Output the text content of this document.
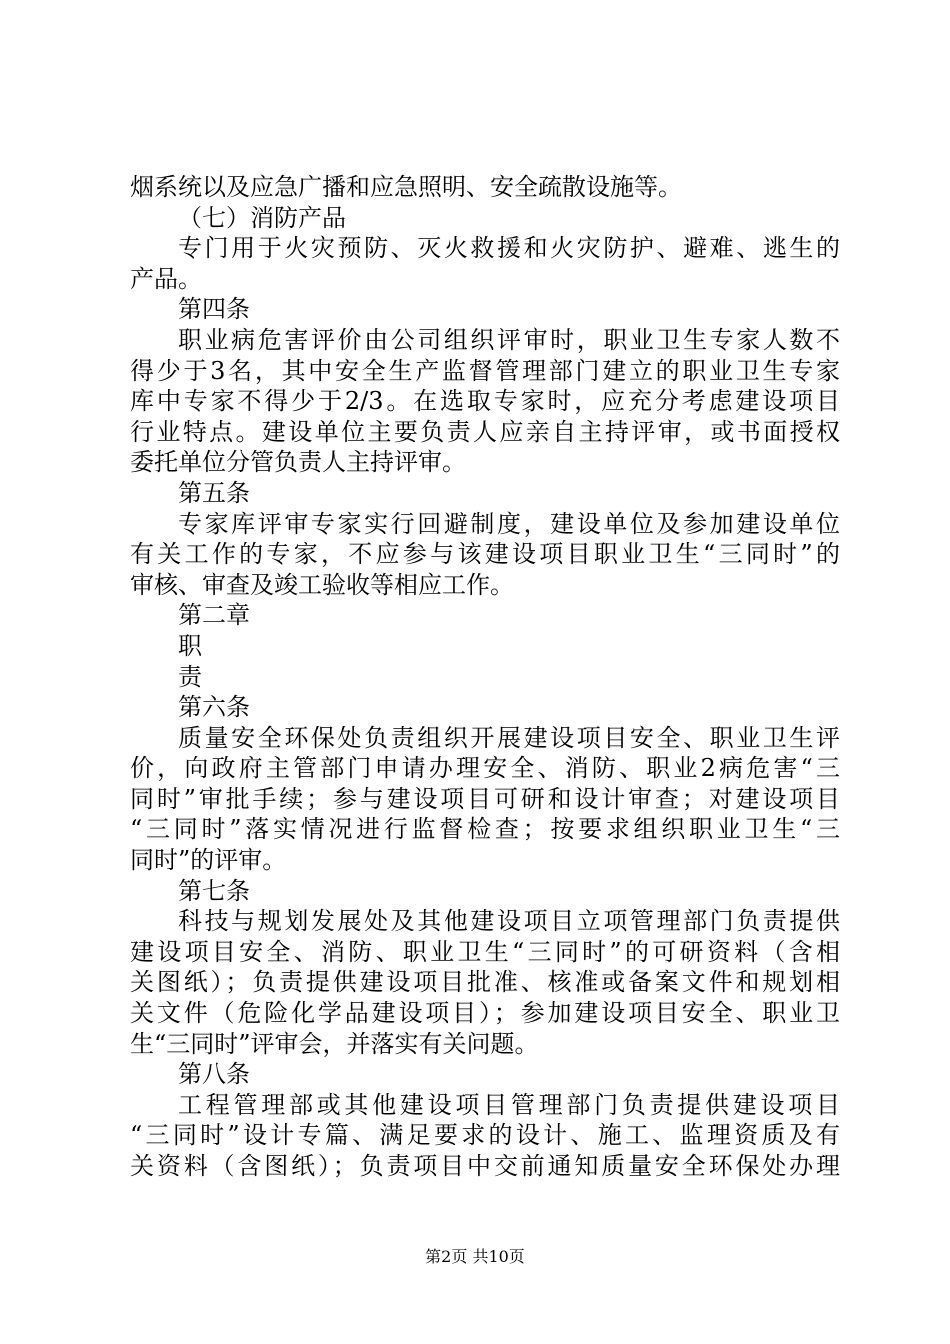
烟系统以及应急广播和应急照明、安全疏散设施等。
（七）消防产品
专门用于火灾预防、灭火救援和火灾防护、避难、逃生的
产品。
第四条
职业病危害评价由公司组织评审时，职业卫生专家人数不
得少于3名，其中安全生产监督管理部门建立的职业卫生专家
库中专家不得少于2/3。在选取专家时，应充分考虑建设项目
行业特点。建设单位主要负责人应亲自主持评审，或书面授权
委托单位分管负责人主持评审。
第五条
专家库评审专家实行回避制度，建设单位及参加建设单位
有关工作的专家，不应参与该建设项目职业卫生“三同时”的
审核、审查及竣工验收等相应工作。
第二章
职
责
第六条
质量安全环保处负责组织开展建设项目安全、职业卫生评
价，向政府主管部门申请办理安全、消防、职业2病危害“三
同时”审批手续；参与建设项目可研和设计审查；对建设项目
“三同时”落实情况进行监督检查；按要求组织职业卫生“三
同时”的评审。
第七条
科技与规划发展处及其他建设项目立项管理部门负责提供
建设项目安全、消防、职业卫生“三同时”的可研资料（含相
关图纸）；负责提供建设项目批准、核准或备案文件和规划相
关文件（危险化学品建设项目）；参加建设项目安全、职业卫
生“三同时”评审会，并落实有关问题。
第八条
工程管理部或其他建设项目管理部门负责提供建设项目
“三同时”设计专篇、满足要求的设计、施工、监理资质及有
关资料（含图纸）；负责项目中交前通知质量安全环保处办理
第2页 共10页
